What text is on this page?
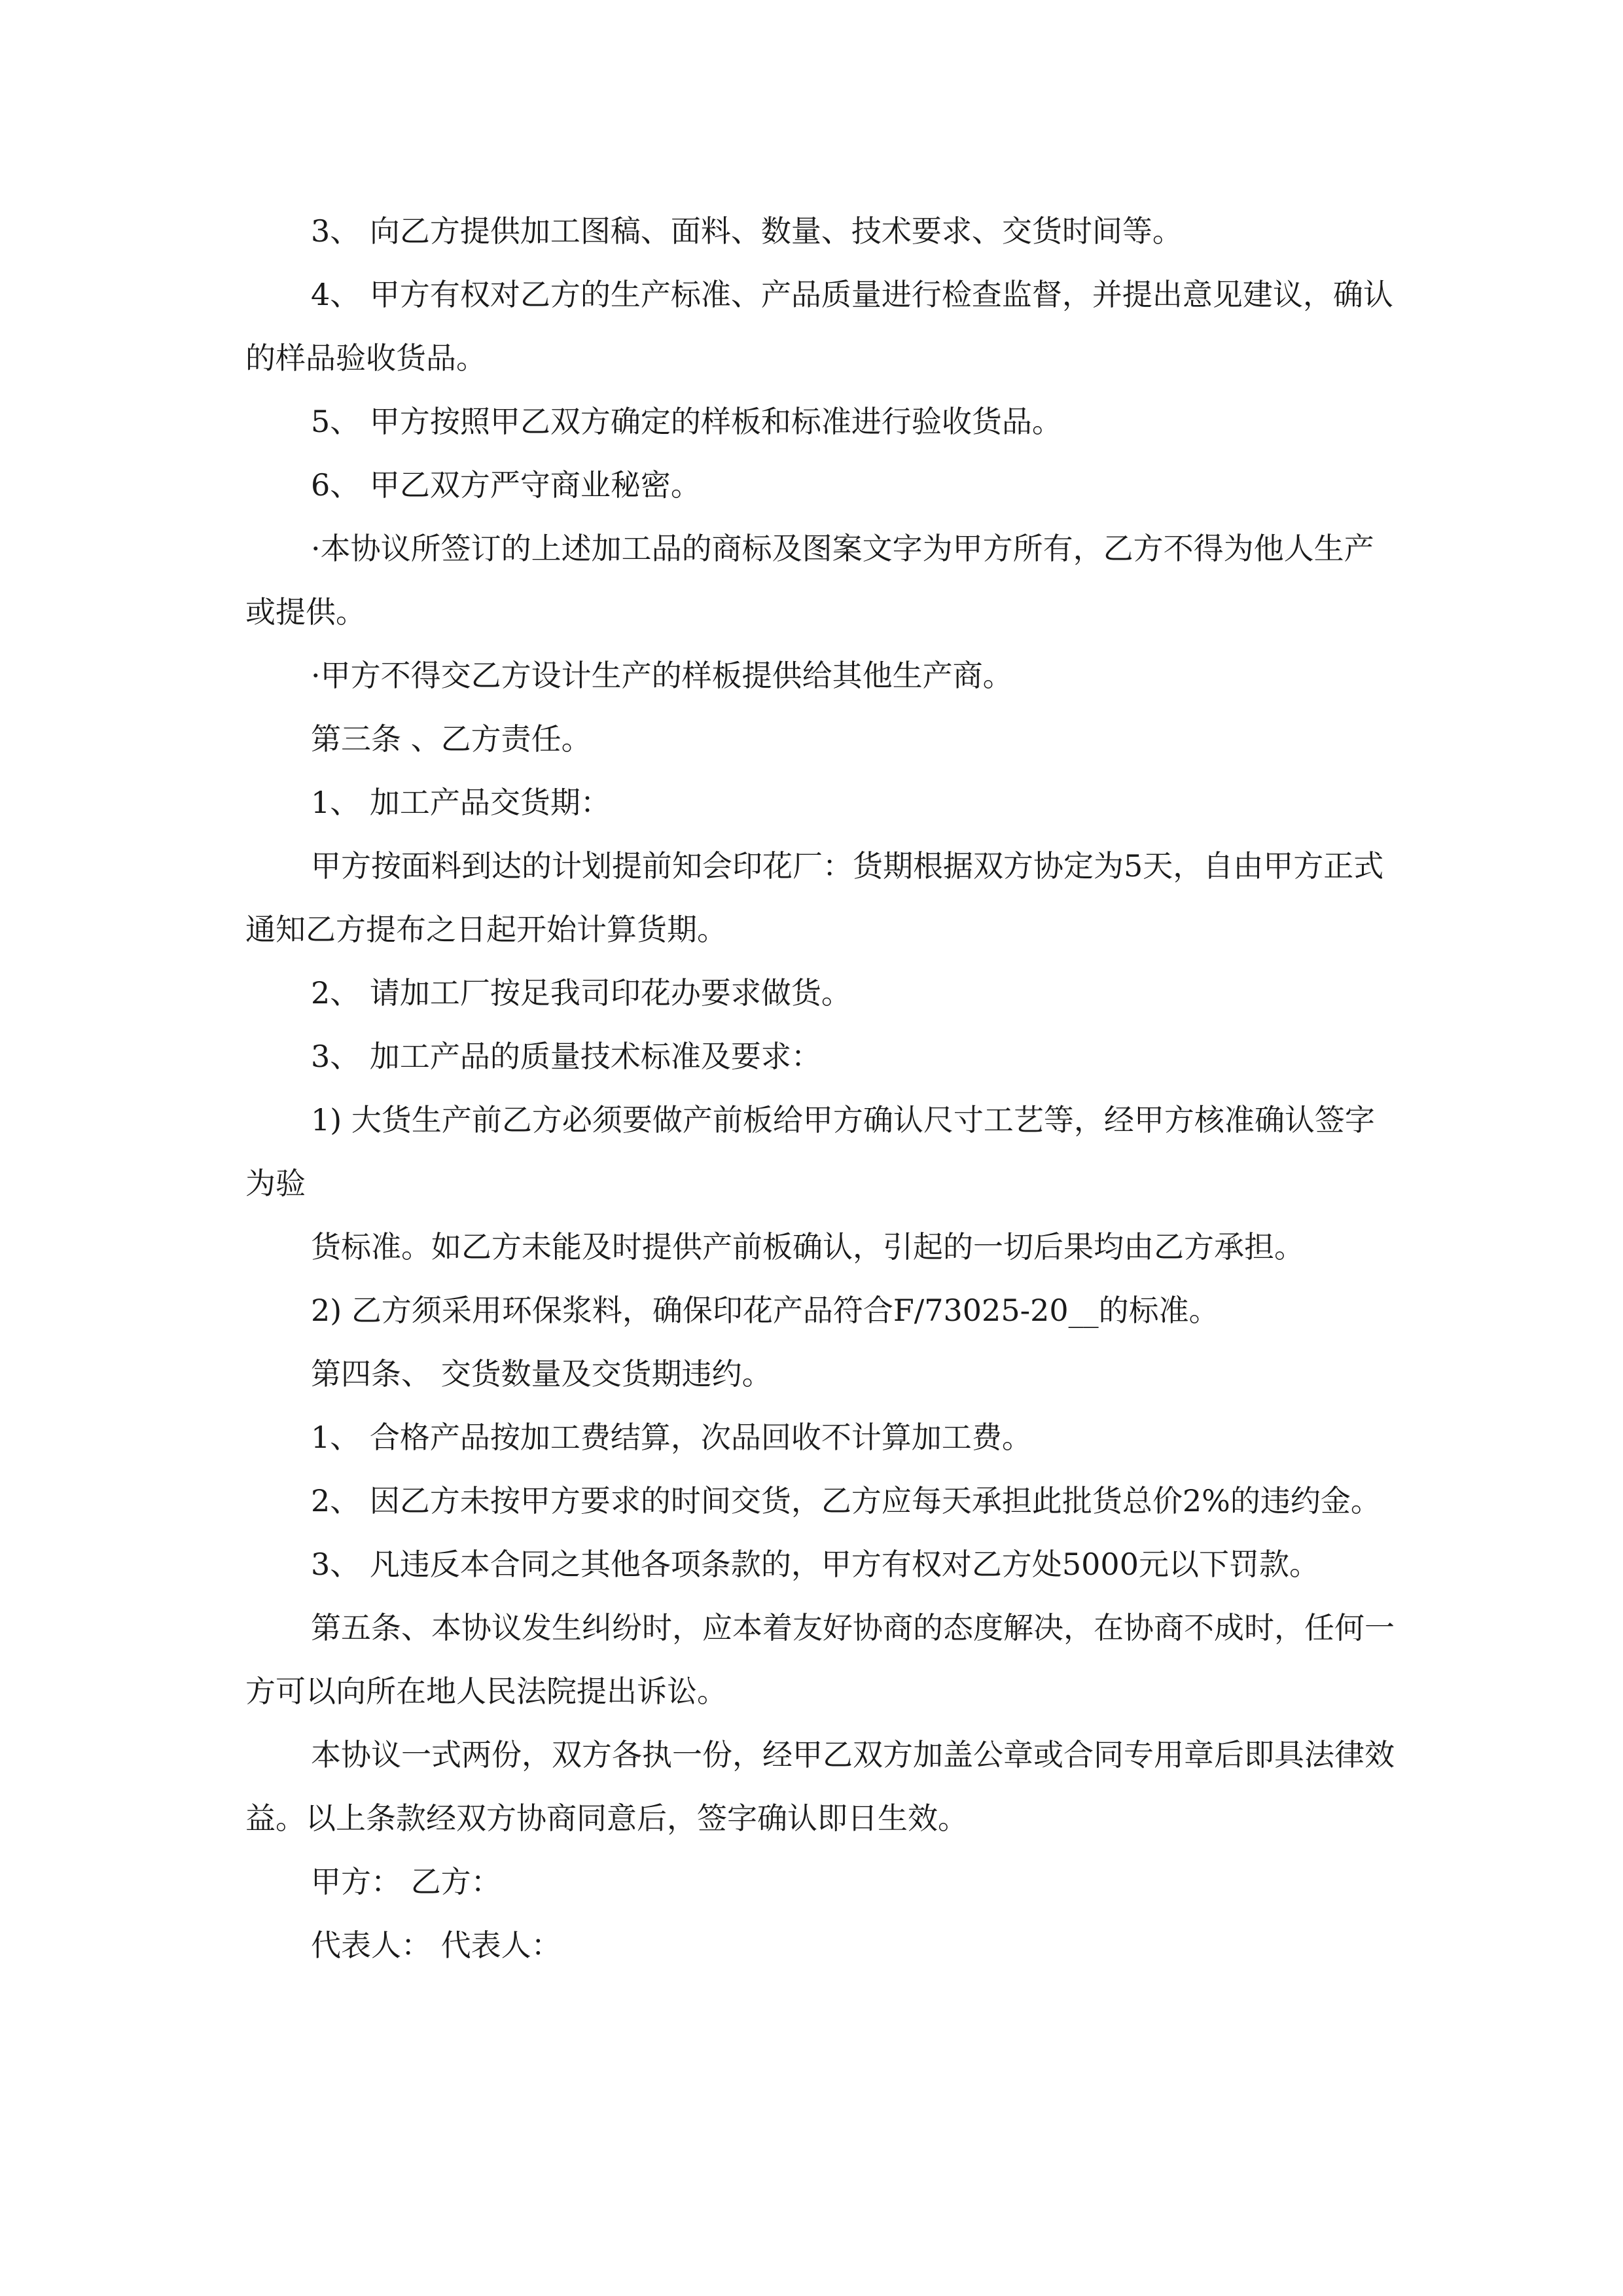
3、 向乙方提供加工图稿、面料、数量、技术要求、交货时间等。

4、 甲方有权对乙方的生产标准、产品质量进行检查监督，并提出意见建议，确认的样品验收货品。

5、 甲方按照甲乙双方确定的样板和标准进行验收货品。

6、 甲乙双方严守商业秘密。

·本协议所签订的上述加工品的商标及图案文字为甲方所有，乙方不得为他人生产或提供。

·甲方不得交乙方设计生产的样板提供给其他生产商。

第三条 、乙方责任。

1、 加工产品交货期：

甲方按面料到达的计划提前知会印花厂：货期根据双方协定为5天，自由甲方正式通知乙方提布之日起开始计算货期。

2、 请加工厂按足我司印花办要求做货。

3、 加工产品的质量技术标准及要求：

1) 大货生产前乙方必须要做产前板给甲方确认尺寸工艺等，经甲方核准确认签字为验

货标准。如乙方未能及时提供产前板确认，引起的一切后果均由乙方承担。

2) 乙方须采用环保浆料，确保印花产品符合F/73025-20__的标准。

第四条、 交货数量及交货期违约。

1、 合格产品按加工费结算，次品回收不计算加工费。

2、 因乙方未按甲方要求的时间交货，乙方应每天承担此批货总价2%的违约金。

3、 凡违反本合同之其他各项条款的，甲方有权对乙方处5000元以下罚款。

第五条、本协议发生纠纷时，应本着友好协商的态度解决，在协商不成时，任何一方可以向所在地人民法院提出诉讼。

本协议一式两份，双方各执一份，经甲乙双方加盖公章或合同专用章后即具法律效益。以上条款经双方协商同意后，签字确认即日生效。

甲方： 乙方：

代表人： 代表人：
